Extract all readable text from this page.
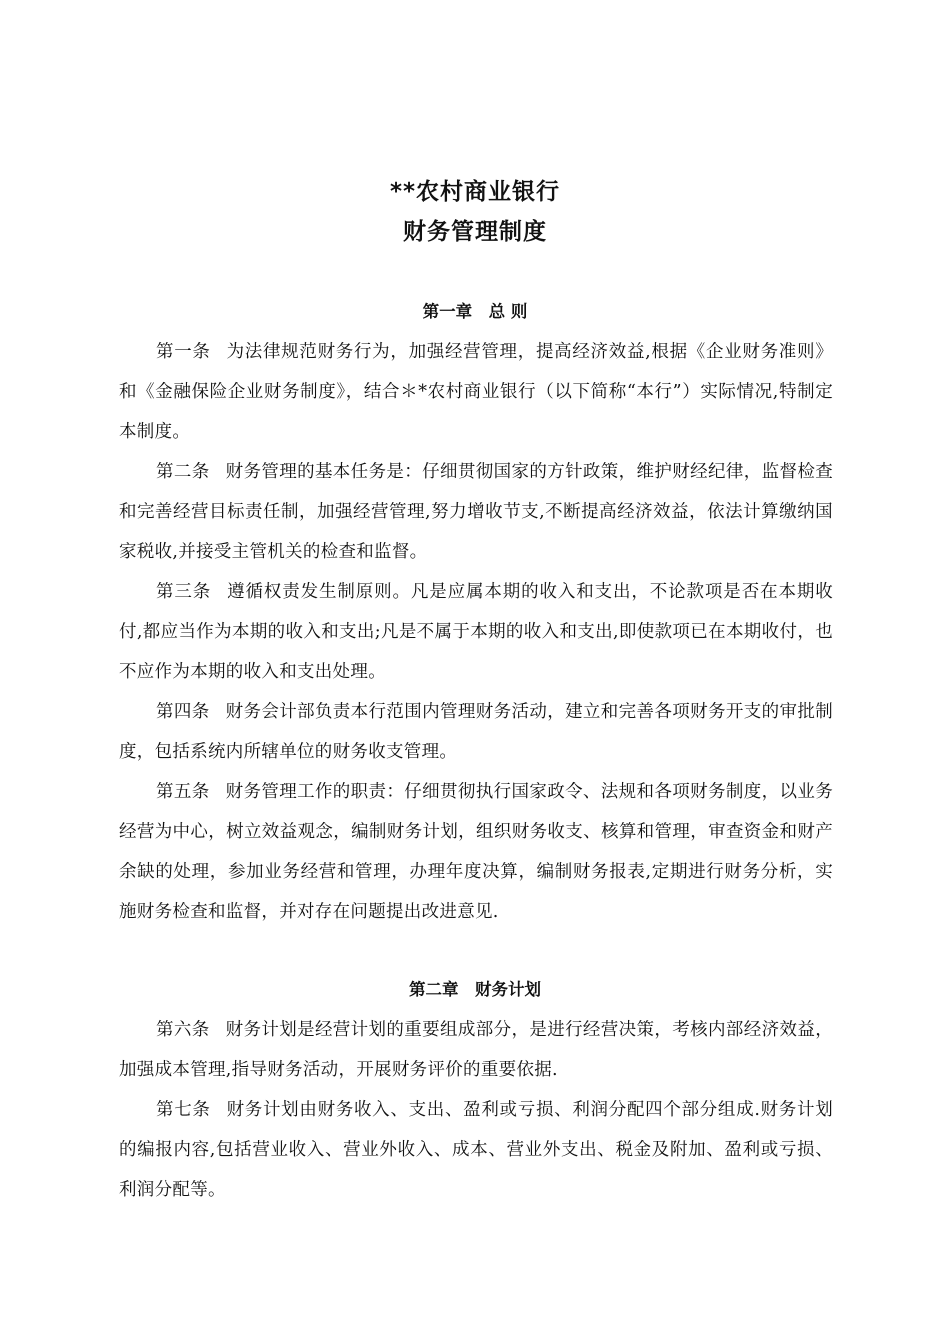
**农村商业银行
财务管理制度
第一章　总 则

第一条 为法律规范财务行为，加强经营管理，提高经济效益,根据《企业财务准则》和《金融保险企业财务制度》，结合＊*农村商业银行（以下简称“本行”）实际情况,特制定本制度。

第二条 财务管理的基本任务是：仔细贯彻国家的方针政策，维护财经纪律，监督检查和完善经营目标责任制，加强经营管理,努力增收节支,不断提高经济效益，依法计算缴纳国家税收,并接受主管机关的检查和监督。

第三条 遵循权责发生制原则。凡是应属本期的收入和支出，不论款项是否在本期收付,都应当作为本期的收入和支出;凡是不属于本期的收入和支出,即使款项已在本期收付，也不应作为本期的收入和支出处理。

第四条 财务会计部负责本行范围内管理财务活动，建立和完善各项财务开支的审批制度，包括系统内所辖单位的财务收支管理。

第五条 财务管理工作的职责：仔细贯彻执行国家政令、法规和各项财务制度，以业务经营为中心，树立效益观念，编制财务计划，组织财务收支、核算和管理，审查资金和财产余缺的处理，参加业务经营和管理，办理年度决算，编制财务报表,定期进行财务分析，实施财务检查和监督，并对存在问题提出改进意见.

第二章　财务计划

第六条 财务计划是经营计划的重要组成部分，是进行经营决策，考核内部经济效益，加强成本管理,指导财务活动，开展财务评价的重要依据.

第七条 财务计划由财务收入、支出、盈利或亏损、利润分配四个部分组成.财务计划的编报内容,包括营业收入、营业外收入、成本、营业外支出、税金及附加、盈利或亏损、利润分配等。
